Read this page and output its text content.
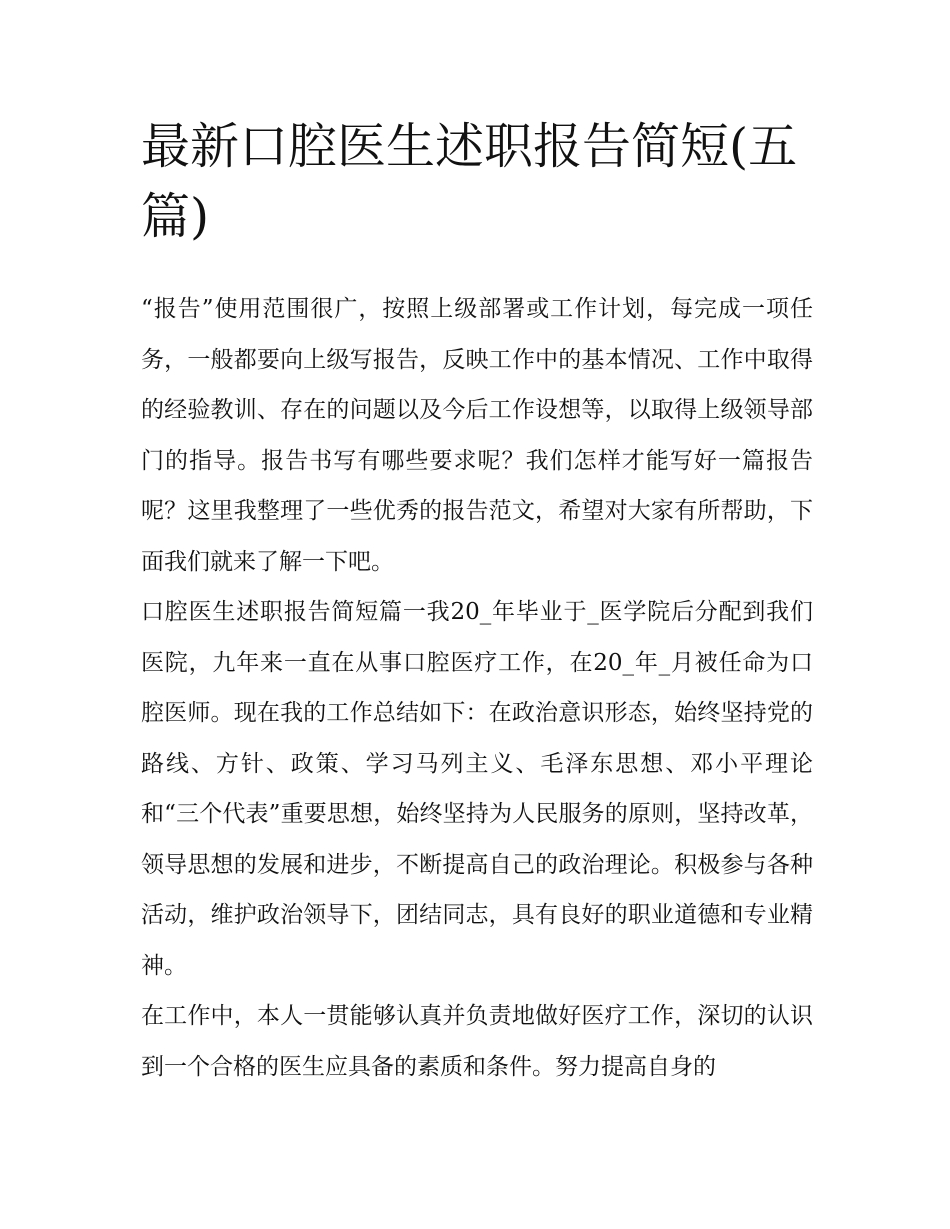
最新口腔医生述职报告简短(五篇)

“报告”使用范围很广，按照上级部署或工作计划，每完成一项任务，一般都要向上级写报告，反映工作中的基本情况、工作中取得的经验教训、存在的问题以及今后工作设想等，以取得上级领导部门的指导。报告书写有哪些要求呢？我们怎样才能写好一篇报告呢？这里我整理了一些优秀的报告范文，希望对大家有所帮助，下面我们就来了解一下吧。

口腔医生述职报告简短篇一我20_年毕业于_医学院后分配到我们医院，九年来一直在从事口腔医疗工作，在20_年_月被任命为口腔医师。现在我的工作总结如下：在政治意识形态，始终坚持党的路线、方针、政策、学习马列主义、毛泽东思想、邓小平理论和“三个代表”重要思想，始终坚持为人民服务的原则，坚持改革，领导思想的发展和进步，不断提高自己的政治理论。积极参与各种活动，维护政治领导下，团结同志，具有良好的职业道德和专业精神。

在工作中，本人一贯能够认真并负责地做好医疗工作，深切的认识到一个合格的医生应具备的素质和条件。努力提高自身的
